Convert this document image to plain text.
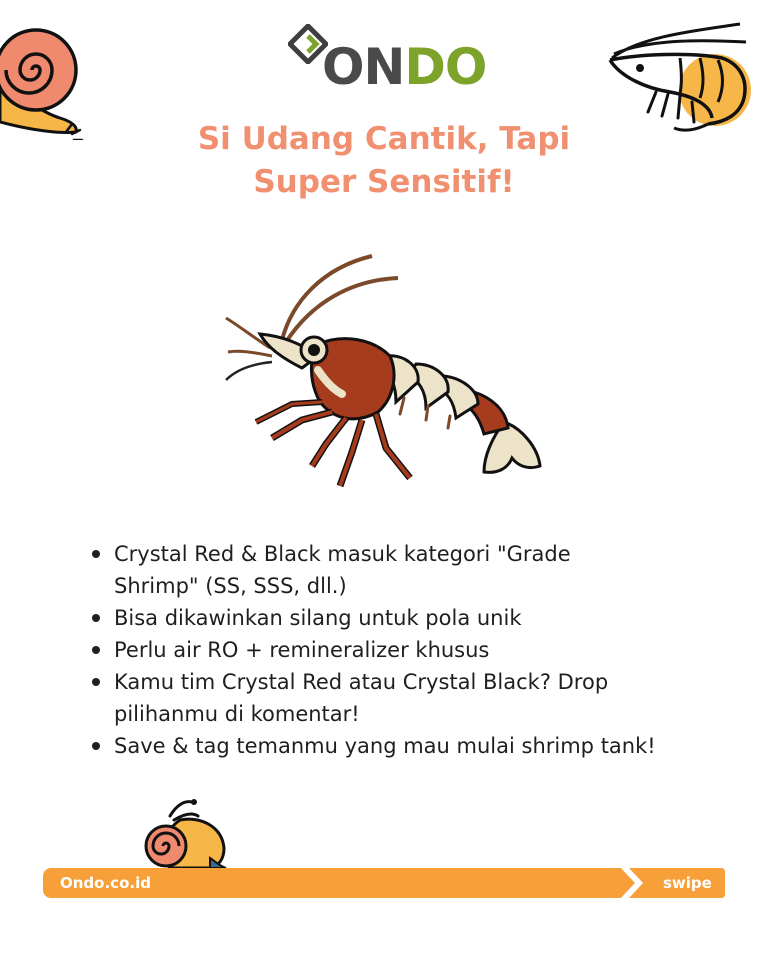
ONDO
Si Udang Cantik, Tapi
Super Sensitif!
Crystal Red & Black masuk kategori "Grade
Shrimp" (SS, SSS, dll.)
Bisa dikawinkan silang untuk pola unik
Perlu air RO + remineralizer khusus
Kamu tim Crystal Red atau Crystal Black? Drop
pilihanmu di komentar!
Save & tag temanmu yang mau mulai shrimp tank!
Ondo.co.id	swipe
